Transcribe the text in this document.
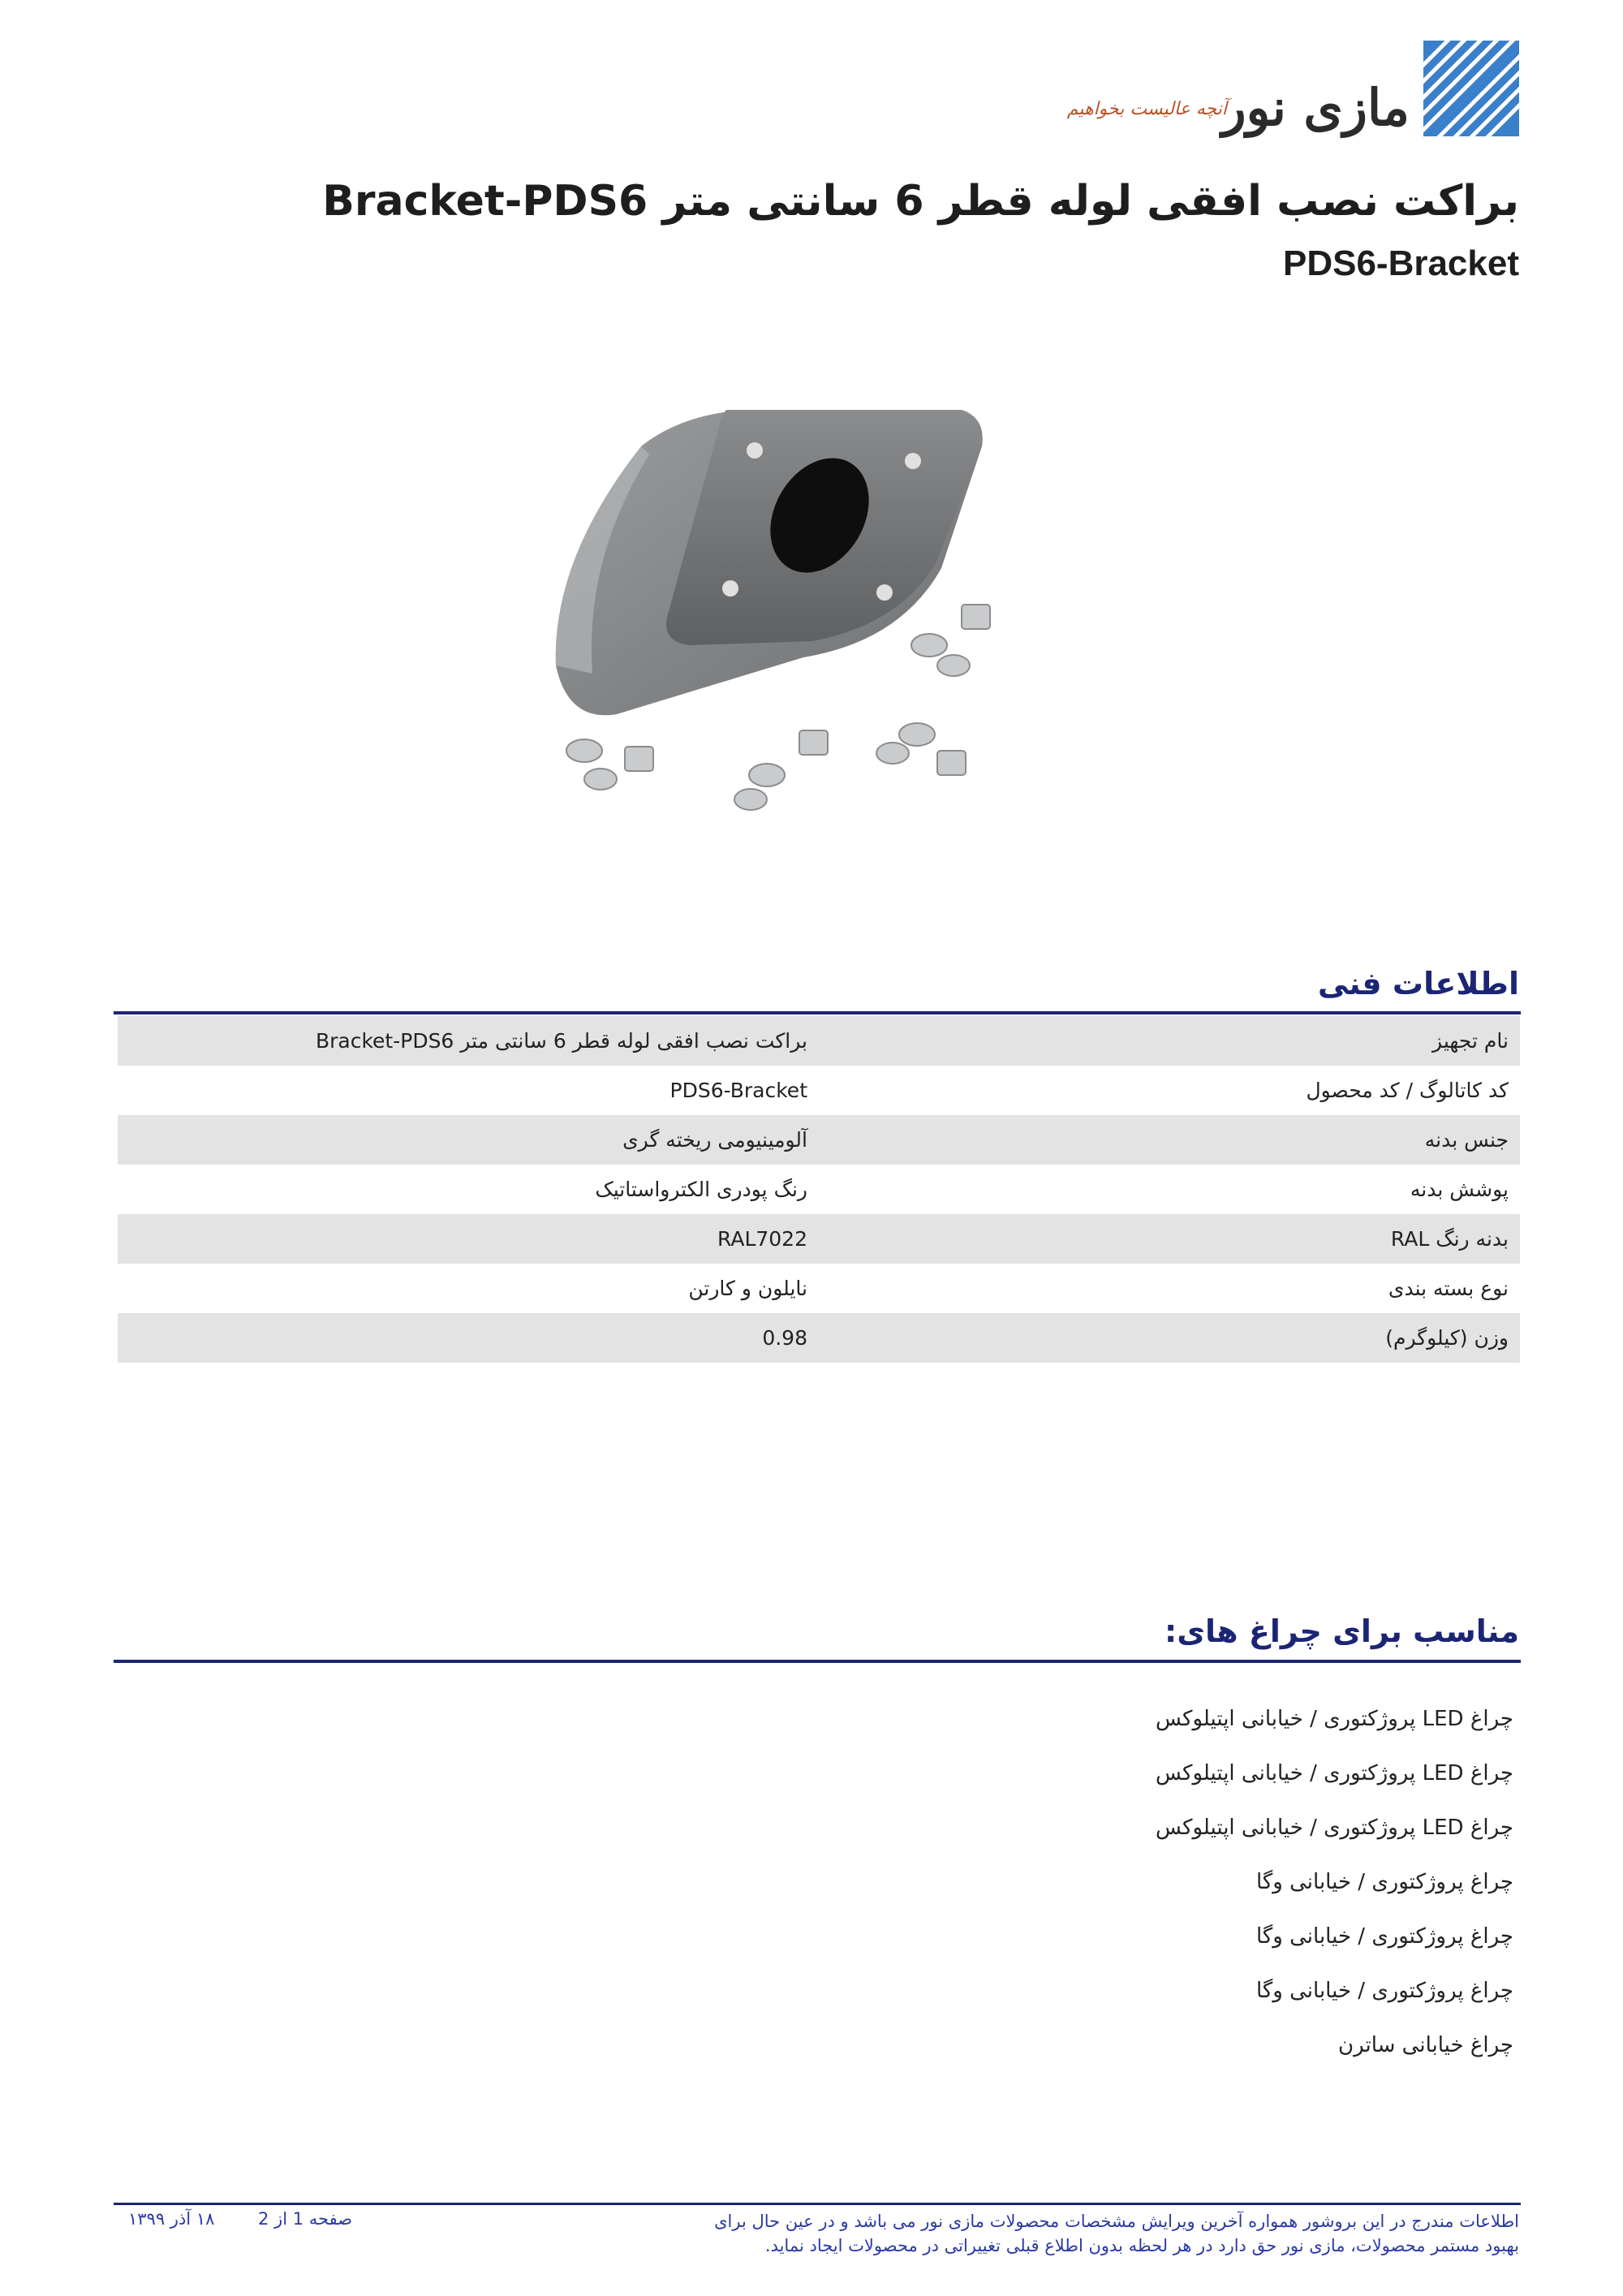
مازی نور
آنچه عالیست بخواهیم
براکت نصب افقی لوله قطر 6 سانتی متر Bracket-PDS6
PDS6-Bracket
اطلاعات فنی
نام تجهیز
براکت نصب افقی لوله قطر 6 سانتی متر Bracket-PDS6
کد کاتالوگ / کد محصول
PDS6-Bracket
جنس بدنه
آلومینیومی ریخته گری
پوشش بدنه
رنگ پودری الکترواستاتیک
بدنه رنگ RAL
RAL7022
نوع بسته بندی
نایلون و کارتن
وزن (کیلوگرم)
0.98
مناسب برای چراغ های:
چراغ LED پروژکتوری / خیابانی اپتیلوکس
چراغ LED پروژکتوری / خیابانی اپتیلوکس
چراغ LED پروژکتوری / خیابانی اپتیلوکس
چراغ پروژکتوری / خیابانی وگا
چراغ پروژکتوری / خیابانی وگا
چراغ پروژکتوری / خیابانی وگا
چراغ خیابانی ساترن
اطلاعات مندرج در این بروشور همواره آخرین ویرایش مشخصات محصولات مازی نور می باشد و در عین حال برای بهبود مستمر محصولات، مازی نور حق دارد در هر لحظه بدون اطلاع قبلی تغییراتی در محصولات ایجاد نماید.
صفحه 1 از 2
۱۸ آذر ۱۳۹۹
